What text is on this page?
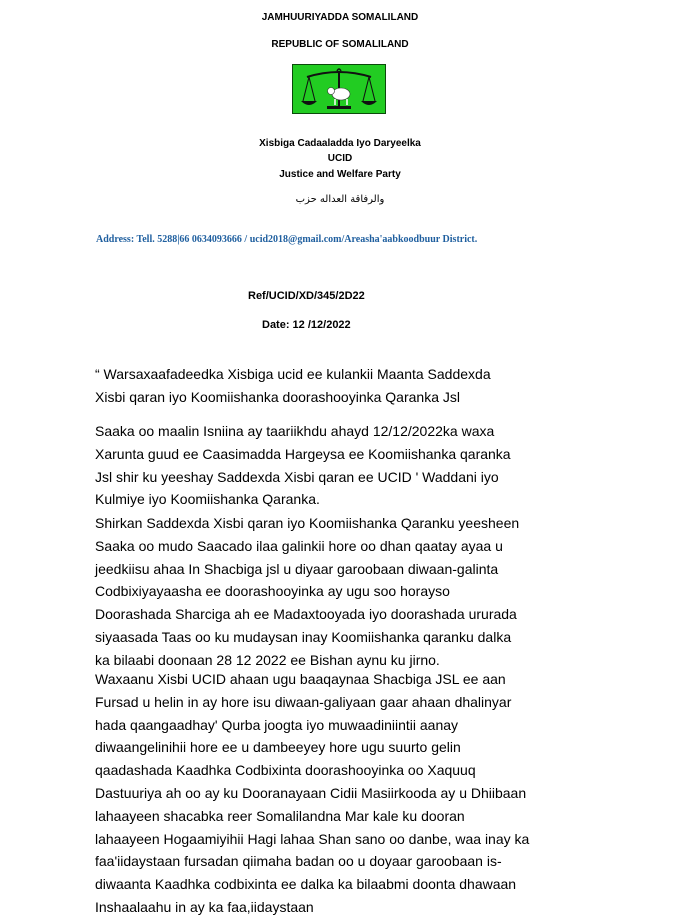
JAMHUURIYADDA SOMALILAND
REPUBLIC OF SOMALILAND
Xisbiga Cadaaladda Iyo Daryeelka
UCID
Justice and Welfare Party
والرفاقة العداله حزب
Address: Tell. 5288|66 0634093666 / ucid2018@gmail.com/Areasha'aabkoodbuur District.
Ref/UCID/XD/345/2D22
Date: 12 /12/2022
“ Warsaxaafadeedka Xisbiga ucid ee kulankii Maanta Saddexda
Xisbi qaran iyo Koomiishanka doorashooyinka Qaranka Jsl
Saaka oo maalin Isniina ay taariikhdu ahayd 12/12/2022ka waxa
Xarunta guud ee Caasimadda Hargeysa ee Koomiishanka qaranka
Jsl shir ku yeeshay Saddexda Xisbi qaran ee UCID ' Waddani iyo
Kulmiye iyo Koomiishanka Qaranka.
Shirkan Saddexda Xisbi qaran iyo Koomiishanka Qaranku yeesheen
Saaka oo mudo Saacado ilaa galinkii hore oo dhan qaatay ayaa u
jeedkiisu ahaa In Shacbiga jsl u diyaar garoobaan diwaan-galinta
Codbixiyayaasha ee doorashooyinka ay ugu soo horayso
Doorashada Sharciga ah ee Madaxtooyada iyo doorashada ururada
siyaasada Taas oo ku mudaysan inay Koomiishanka qaranku dalka
ka bilaabi doonaan 28 12 2022 ee Bishan aynu ku jirno.
Waxaanu Xisbi UCID ahaan ugu baaqaynaa Shacbiga JSL ee aan
Fursad u helin in ay hore isu diwaan-galiyaan gaar ahaan dhalinyar
hada qaangaadhay' Qurba joogta iyo muwaadiniintii aanay
diwaangelinihii hore ee u dambeeyey hore ugu suurto gelin
qaadashada Kaadhka Codbixinta doorashooyinka oo Xaquuq
Dastuuriya ah oo ay ku Dooranayaan Cidii Masiirkooda ay u Dhiibaan
lahaayeen shacabka reer Somalilandna Mar kale ku dooran
lahaayeen Hogaamiyihii Hagi lahaa Shan sano oo danbe, waa inay ka
faa'iidaystaan fursadan qiimaha badan oo u doyaar garoobaan is-
diwaanta Kaadhka codbixinta ee dalka ka bilaabmi doonta dhawaan
Inshaalaahu in ay ka faa,iidaystaan
